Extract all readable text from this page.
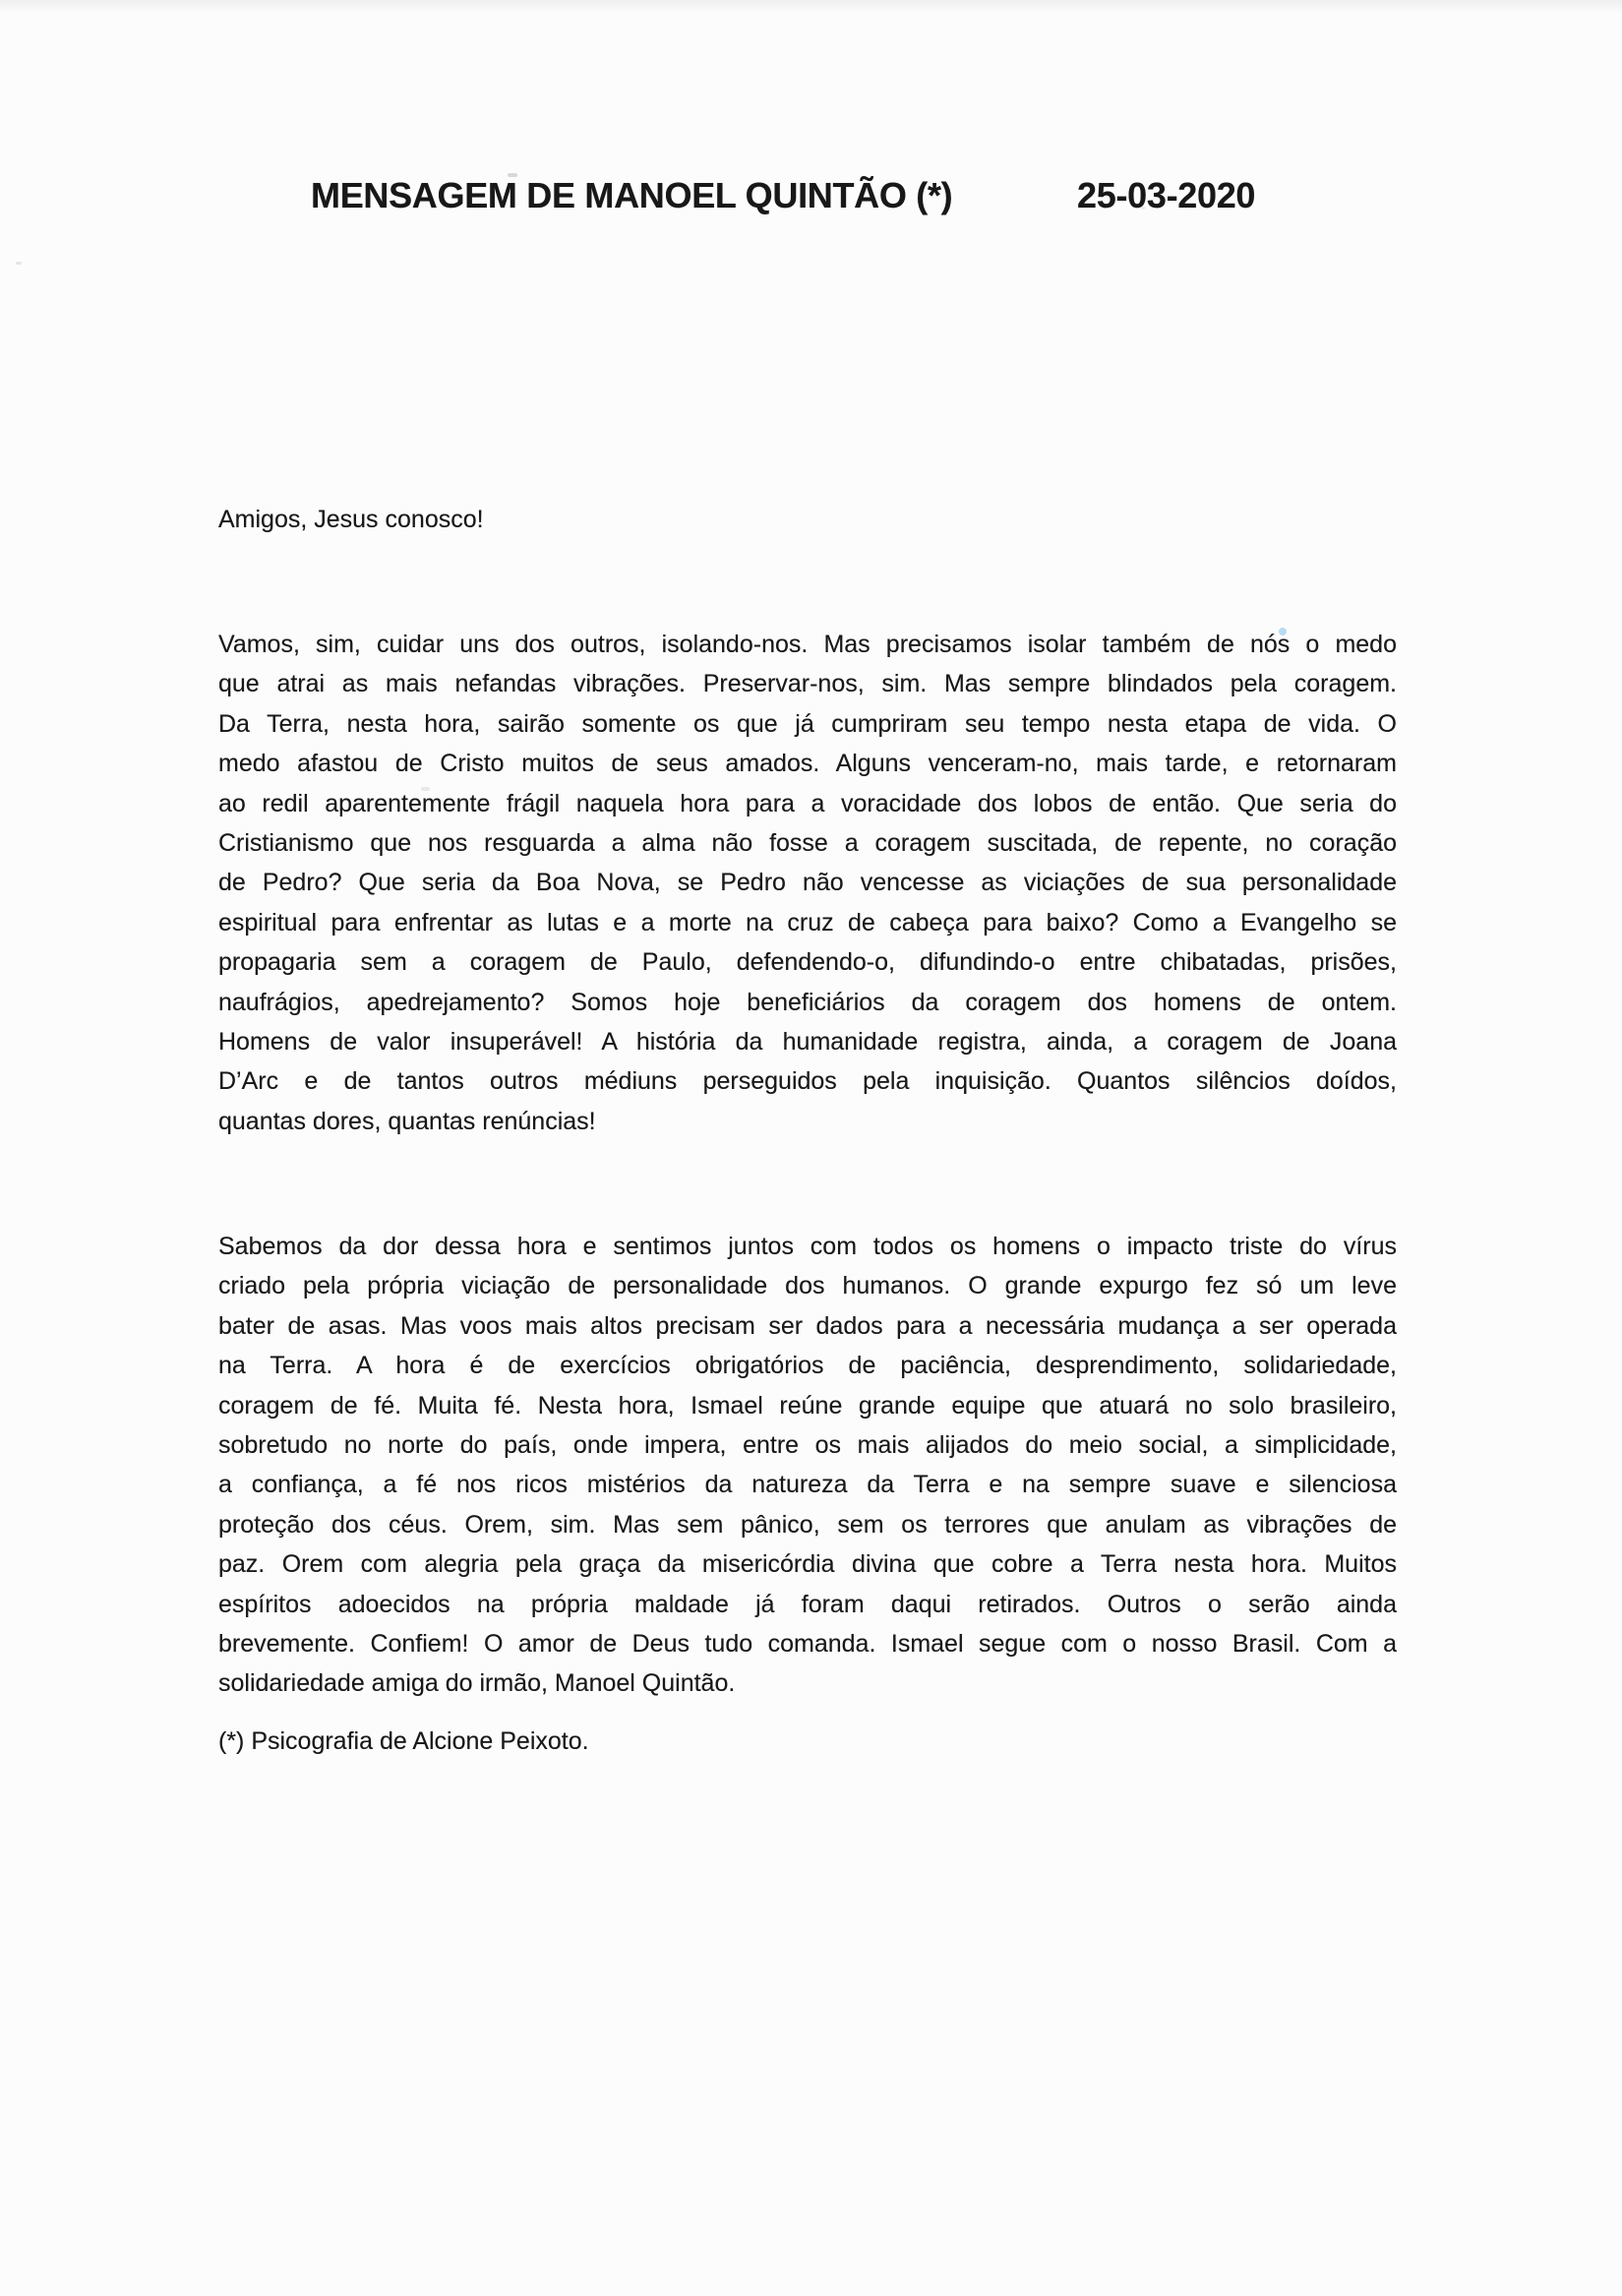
MENSAGEM DE MANOEL QUINTÃO (*)	25-03-2020
Amigos, Jesus conosco!
Vamos, sim, cuidar uns dos outros, isolando-nos. Mas precisamos isolar também de nós o medo
que atrai as mais nefandas vibrações. Preservar-nos, sim. Mas sempre blindados pela coragem.
Da Terra, nesta hora, sairão somente os que já cumpriram seu tempo nesta etapa de vida. O
medo afastou de Cristo muitos de seus amados. Alguns venceram-no, mais tarde, e retornaram
ao redil aparentemente frágil naquela hora para a voracidade dos lobos de então. Que seria do
Cristianismo que nos resguarda a alma não fosse a coragem suscitada, de repente, no coração
de Pedro? Que seria da Boa Nova, se Pedro não vencesse as viciações de sua personalidade
espiritual para enfrentar as lutas e a morte na cruz de cabeça para baixo? Como a Evangelho se
propagaria sem a coragem de Paulo, defendendo-o, difundindo-o entre chibatadas, prisões,
naufrágios, apedrejamento? Somos hoje beneficiários da coragem dos homens de ontem.
Homens de valor insuperável! A história da humanidade registra, ainda, a coragem de Joana
D’Arc e de tantos outros médiuns perseguidos pela inquisição. Quantos silêncios doídos,
quantas dores, quantas renúncias!
Sabemos da dor dessa hora e sentimos juntos com todos os homens o impacto triste do vírus
criado pela própria viciação de personalidade dos humanos. O grande expurgo fez só um leve
bater de asas. Mas voos mais altos precisam ser dados para a necessária mudança a ser operada
na Terra. A hora é de exercícios obrigatórios de paciência, desprendimento, solidariedade,
coragem de fé. Muita fé. Nesta hora, Ismael reúne grande equipe que atuará no solo brasileiro,
sobretudo no norte do país, onde impera, entre os mais alijados do meio social, a simplicidade,
a confiança, a fé nos ricos mistérios da natureza da Terra e na sempre suave e silenciosa
proteção dos céus. Orem, sim. Mas sem pânico, sem os terrores que anulam as vibrações de
paz. Orem com alegria pela graça da misericórdia divina que cobre a Terra nesta hora. Muitos
espíritos adoecidos na própria maldade já foram daqui retirados. Outros o serão ainda
brevemente. Confiem! O amor de Deus tudo comanda. Ismael segue com o nosso Brasil. Com a
solidariedade amiga do irmão, Manoel Quintão.
(*) Psicografia de Alcione Peixoto.
